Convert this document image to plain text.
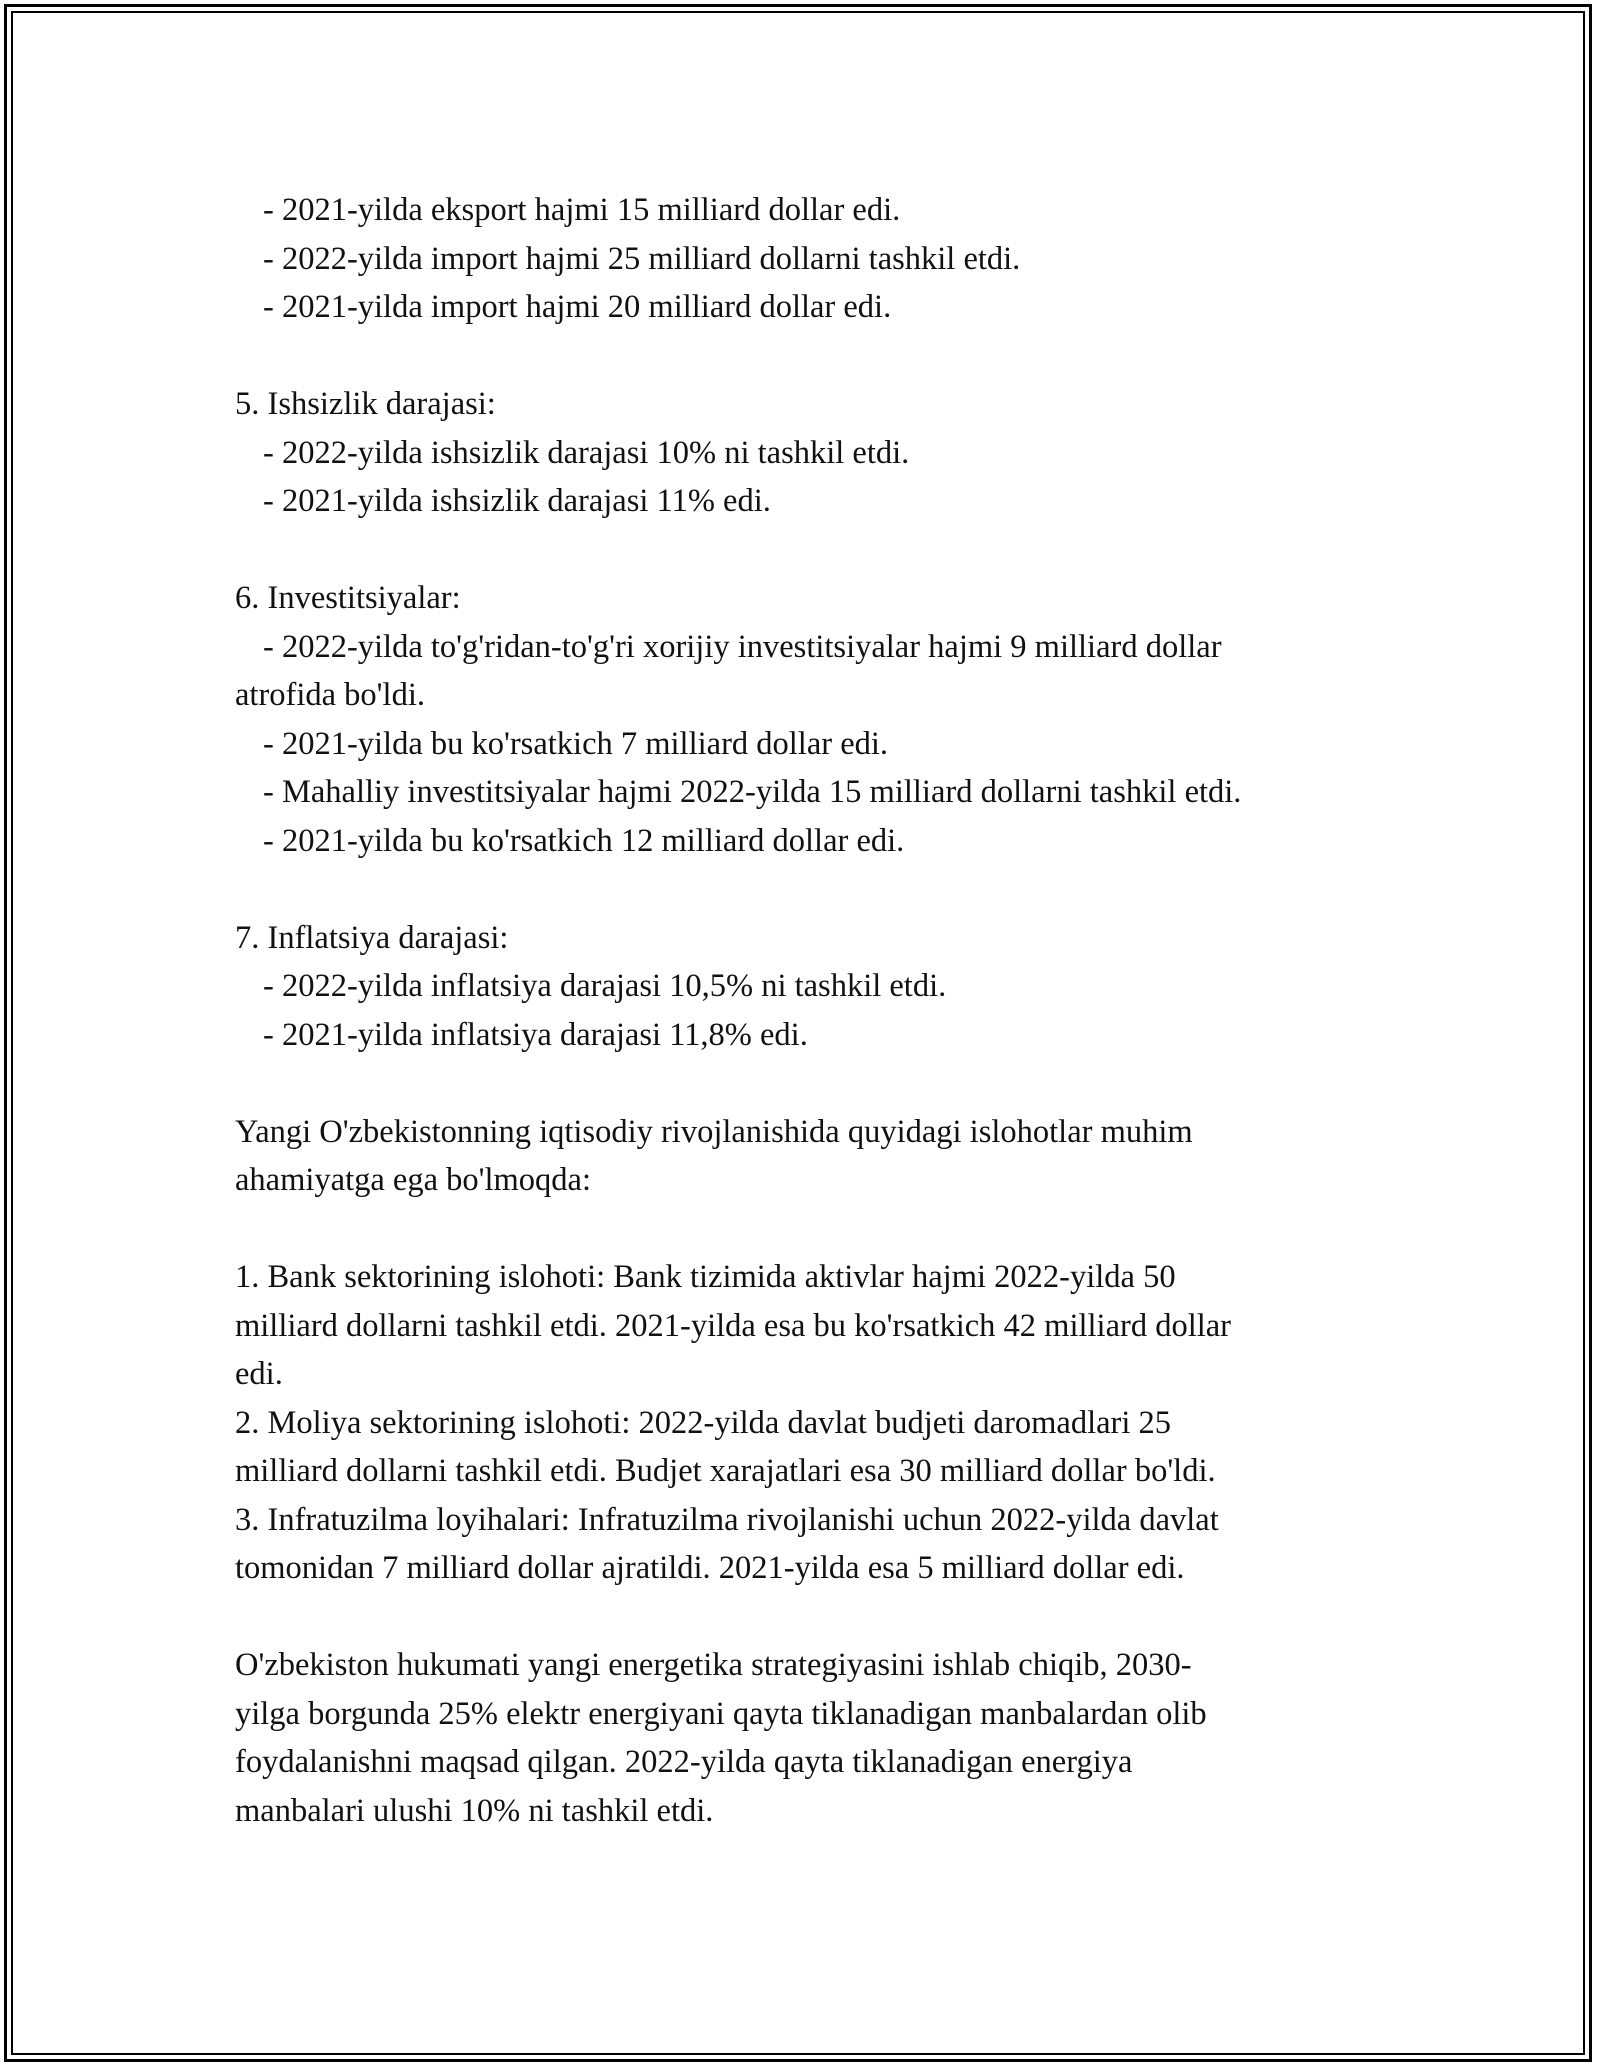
- 2021-yilda eksport hajmi 15 milliard dollar edi.
- 2022-yilda import hajmi 25 milliard dollarni tashkil etdi.
- 2021-yilda import hajmi 20 milliard dollar edi.
5. Ishsizlik darajasi:
- 2022-yilda ishsizlik darajasi 10% ni tashkil etdi.
- 2021-yilda ishsizlik darajasi 11% edi.
6. Investitsiyalar:
- 2022-yilda to'g'ridan-to'g'ri xorijiy investitsiyalar hajmi 9 milliard dollar
atrofida bo'ldi.
- 2021-yilda bu ko'rsatkich 7 milliard dollar edi.
- Mahalliy investitsiyalar hajmi 2022-yilda 15 milliard dollarni tashkil etdi.
- 2021-yilda bu ko'rsatkich 12 milliard dollar edi.
7. Inflatsiya darajasi:
- 2022-yilda inflatsiya darajasi 10,5% ni tashkil etdi.
- 2021-yilda inflatsiya darajasi 11,8% edi.
Yangi O'zbekistonning iqtisodiy rivojlanishida quyidagi islohotlar muhim
ahamiyatga ega bo'lmoqda:
1. Bank sektorining islohoti: Bank tizimida aktivlar hajmi 2022-yilda 50
milliard dollarni tashkil etdi. 2021-yilda esa bu ko'rsatkich 42 milliard dollar
edi.
2. Moliya sektorining islohoti: 2022-yilda davlat budjeti daromadlari 25
milliard dollarni tashkil etdi. Budjet xarajatlari esa 30 milliard dollar bo'ldi.
3. Infratuzilma loyihalari: Infratuzilma rivojlanishi uchun 2022-yilda davlat
tomonidan 7 milliard dollar ajratildi. 2021-yilda esa 5 milliard dollar edi.
O'zbekiston hukumati yangi energetika strategiyasini ishlab chiqib, 2030-
yilga borgunda 25% elektr energiyani qayta tiklanadigan manbalardan olib
foydalanishni maqsad qilgan. 2022-yilda qayta tiklanadigan energiya
manbalari ulushi 10% ni tashkil etdi.
